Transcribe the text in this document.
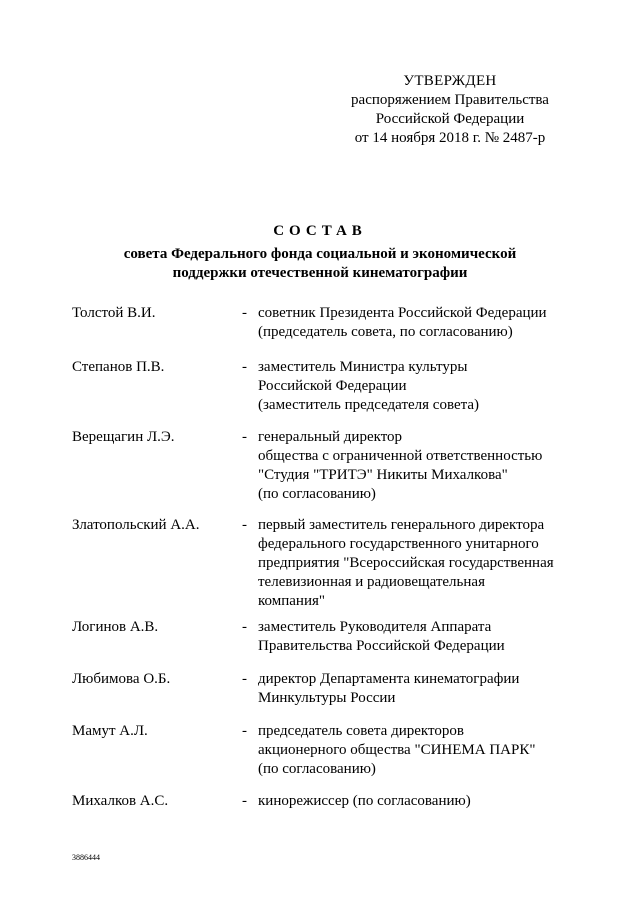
УТВЕРЖДЕН
распоряжением Правительства
Российской Федерации
от 14 ноября 2018 г. № 2487-р
СОСТАВ
совета Федерального фонда социальной и экономической
поддержки отечественной кинематографии
Толстой В.И.	- советник Президента Российской Федерации
(председатель совета, по согласованию)
Степанов П.В.	- заместитель Министра культуры
Российской Федерации
(заместитель председателя совета)
Верещагин Л.Э.	- генеральный директор
общества с ограниченной ответственностью
"Студия "ТРИТЭ" Никиты Михалкова"
(по согласованию)
Златопольский А.А.	- первый заместитель генерального директора
федерального государственного унитарного
предприятия "Всероссийская государственная
телевизионная и радиовещательная
компания"
Логинов А.В.	- заместитель Руководителя Аппарата
Правительства Российской Федерации
Любимова О.Б.	- директор Департамента кинематографии
Минкультуры России
Мамут А.Л.	- председатель совета директоров
акционерного общества "СИНЕМА ПАРК"
(по согласованию)
Михалков А.С.	- кинорежиссер (по согласованию)
3886444
